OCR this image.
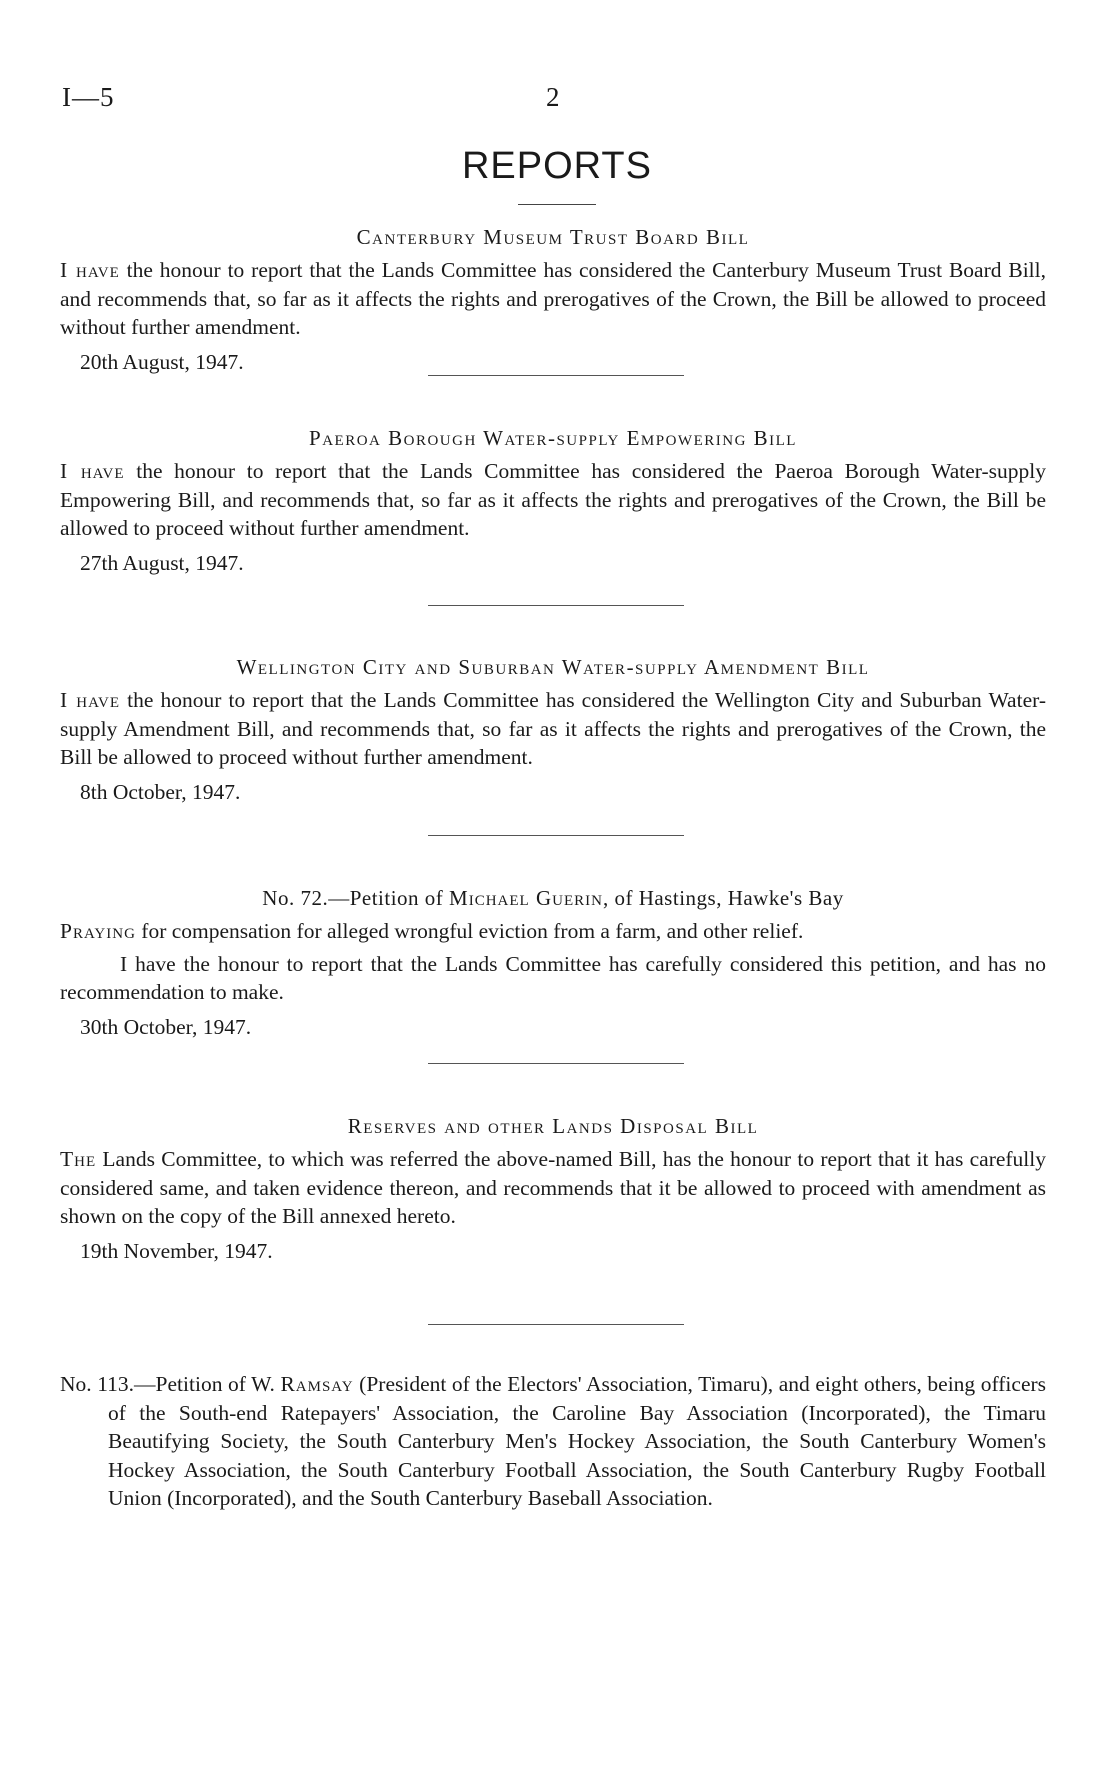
I—5	2
REPORTS
Canterbury Museum Trust Board Bill

I have the honour to report that the Lands Committee has considered the Canterbury Museum Trust Board Bill, and recommends that, so far as it affects the rights and prerogatives of the Crown, the Bill be allowed to proceed without further amendment.

20th August, 1947.
Paeroa Borough Water-supply Empowering Bill

I have the honour to report that the Lands Committee has considered the Paeroa Borough Water-supply Empowering Bill, and recommends that, so far as it affects the rights and prerogatives of the Crown, the Bill be allowed to proceed without further amendment.

27th August, 1947.
Wellington City and Suburban Water-supply Amendment Bill

I have the honour to report that the Lands Committee has considered the Wellington City and Suburban Water-supply Amendment Bill, and recommends that, so far as it affects the rights and prerogatives of the Crown, the Bill be allowed to proceed without further amendment.

8th October, 1947.
No. 72.—Petition of Michael Guerin, of Hastings, Hawke's Bay

Praying for compensation for alleged wrongful eviction from a farm, and other relief.

I have the honour to report that the Lands Committee has carefully considered this petition, and has no recommendation to make.

30th October, 1947.
Reserves and other Lands Disposal Bill

The Lands Committee, to which was referred the above-named Bill, has the honour to report that it has carefully considered same, and taken evidence thereon, and recommends that it be allowed to proceed with amendment as shown on the copy of the Bill annexed hereto.

19th November, 1947.

No. 113.—Petition of W. Ramsay (President of the Electors' Association, Timaru), and eight others, being officers of the South-end Ratepayers' Association, the Caroline Bay Association (Incorporated), the Timaru Beautifying Society, the South Canterbury Men's Hockey Association, the South Canterbury Women's Hockey Association, the South Canterbury Football Association, the South Canterbury Rugby Football Union (Incorporated), and the South Canterbury Baseball Association.
